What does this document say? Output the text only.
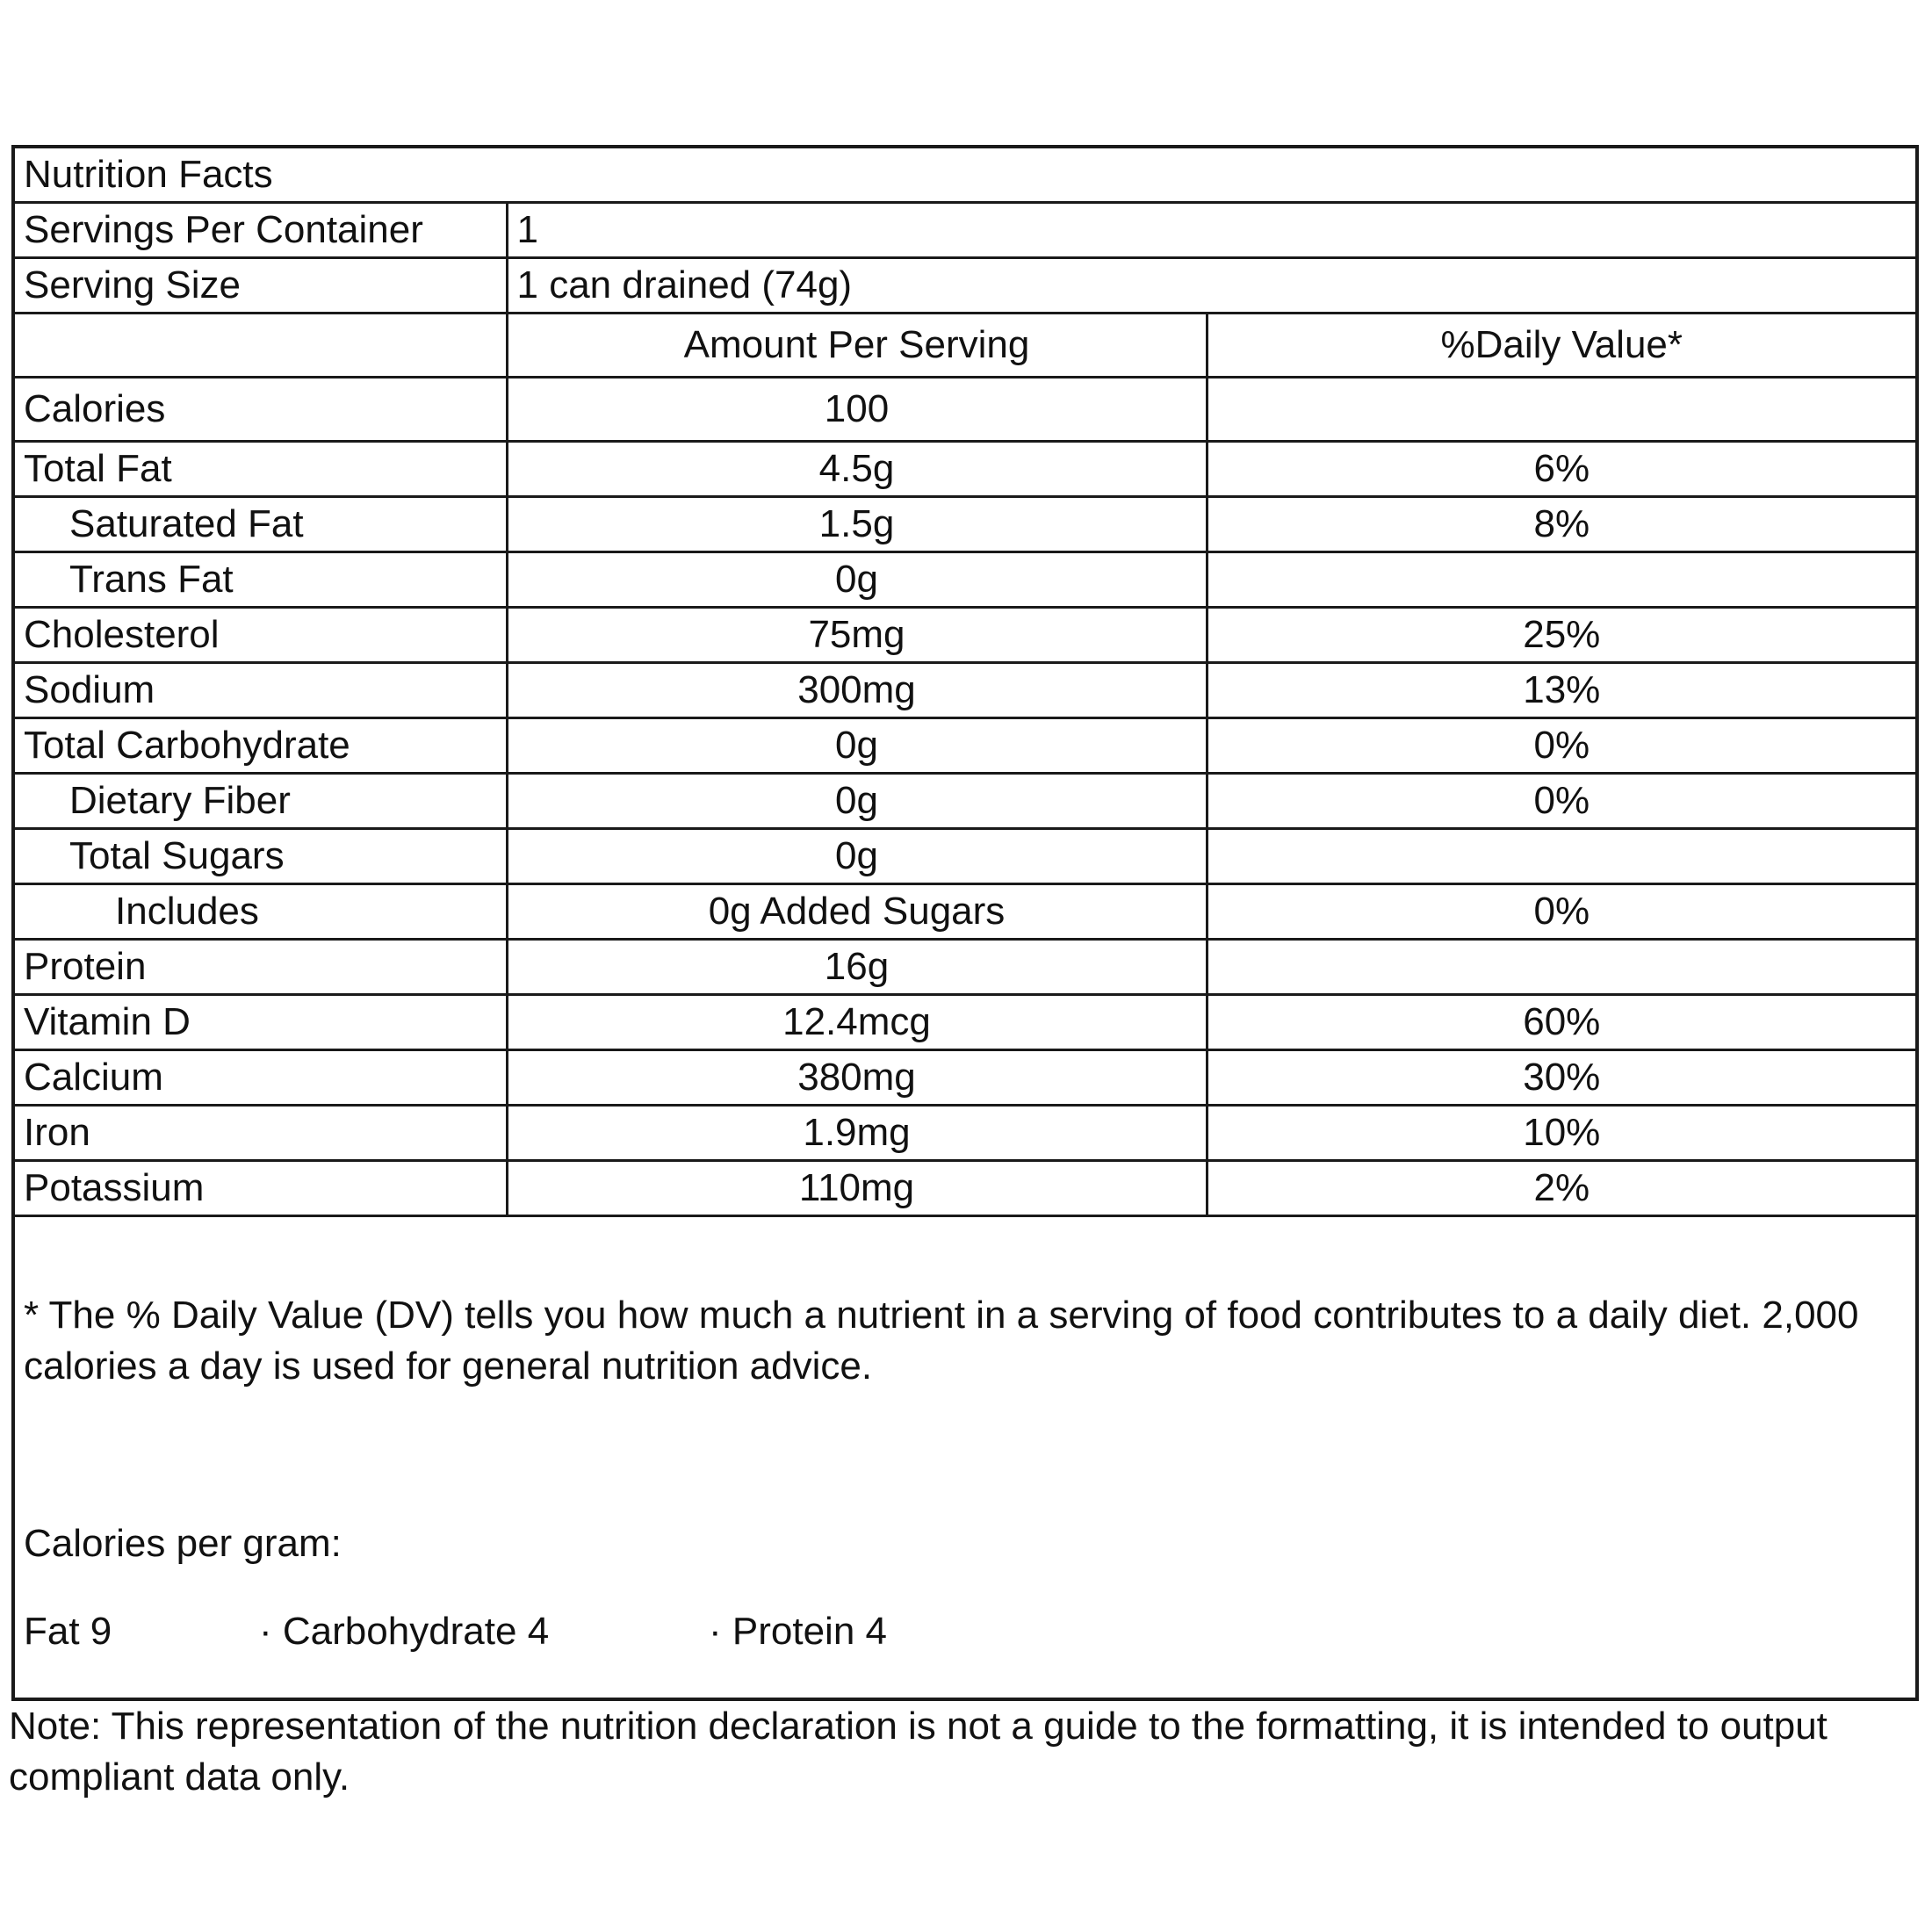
Nutrition Facts		
Servings Per Container	1	
Serving Size	1 can drained (74g)	
	Amount Per Serving	%Daily Value*
Calories	100	
Total Fat	4.5g	6%
Saturated Fat	1.5g	8%
Trans Fat	0g	
Cholesterol	75mg	25%
Sodium	300mg	13%
Total Carbohydrate	0g	0%
Dietary Fiber	0g	0%
Total Sugars	0g	
Includes	0g Added Sugars	0%
Protein	16g	
Vitamin D	12.4mcg	60%
Calcium	380mg	30%
Iron	1.9mg	10%
Potassium	110mg	2%
* The % Daily Value (DV) tells you how much a nutrient in a serving of food contributes to a daily diet. 2,000 calories a day is used for general nutrition advice.
Calories per gram:
Fat 9	· Carbohydrate 4	· Protein 4
Note: This representation of the nutrition declaration is not a guide to the formatting, it is intended to output compliant data only.
